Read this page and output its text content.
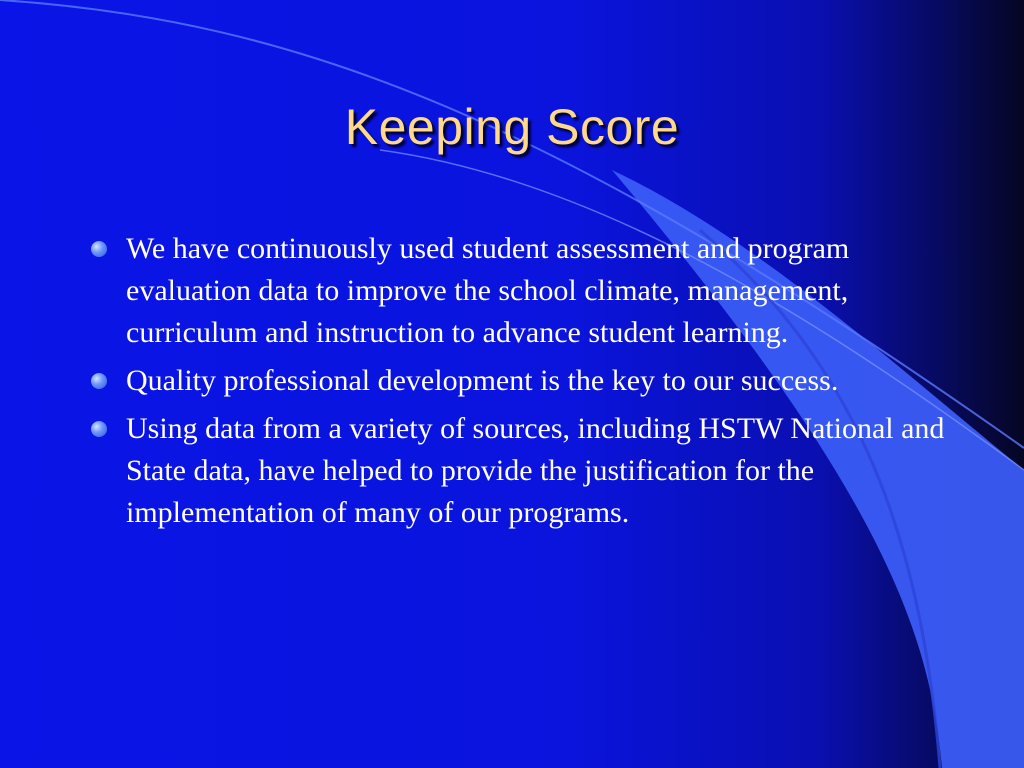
Keeping Score
We have continuously used student assessment and program evaluation data to improve the school climate, management, curriculum and instruction to advance student learning.
Quality professional development is the key to our success.
Using data from a variety of sources, including HSTW National and State data, have helped to provide the justification for the implementation of many of our programs.
